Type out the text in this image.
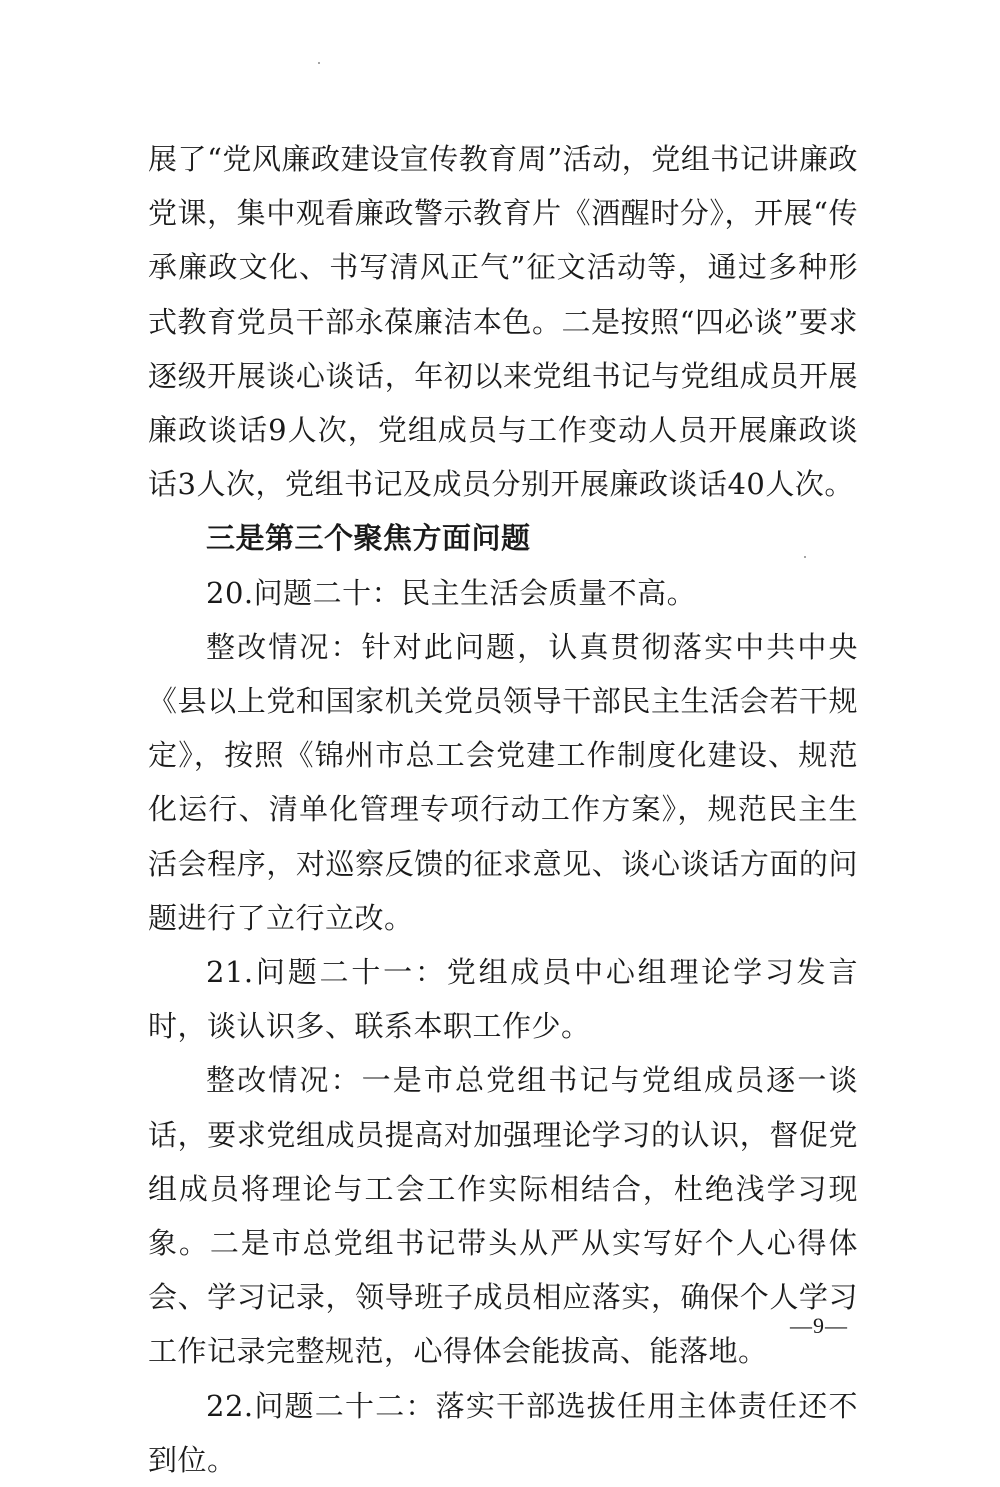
展了“党风廉政建设宣传教育周”活动，党组书记讲廉政党课，集中观看廉政警示教育片《酒醒时分》，开展“传承廉政文化、书写清风正气”征文活动等，通过多种形式教育党员干部永葆廉洁本色。二是按照“四必谈”要求逐级开展谈心谈话，年初以来党组书记与党组成员开展廉政谈话9人次，党组成员与工作变动人员开展廉政谈话3人次，党组书记及成员分别开展廉政谈话40人次。

三是第三个聚焦方面问题

20.问题二十：民主生活会质量不高。

整改情况：针对此问题，认真贯彻落实中共中央《县以上党和国家机关党员领导干部民主生活会若干规定》，按照《锦州市总工会党建工作制度化建设、规范化运行、清单化管理专项行动工作方案》，规范民主生活会程序，对巡察反馈的征求意见、谈心谈话方面的问题进行了立行立改。

21.问题二十一：党组成员中心组理论学习发言时，谈认识多、联系本职工作少。

整改情况：一是市总党组书记与党组成员逐一谈话，要求党组成员提高对加强理论学习的认识，督促党组成员将理论与工会工作实际相结合，杜绝浅学习现象。二是市总党组书记带头从严从实写好个人心得体会、学习记录，领导班子成员相应落实，确保个人学习工作记录完整规范，心得体会能拔高、能落地。

22.问题二十二：落实干部选拔任用主体责任还不到位。

—9—
